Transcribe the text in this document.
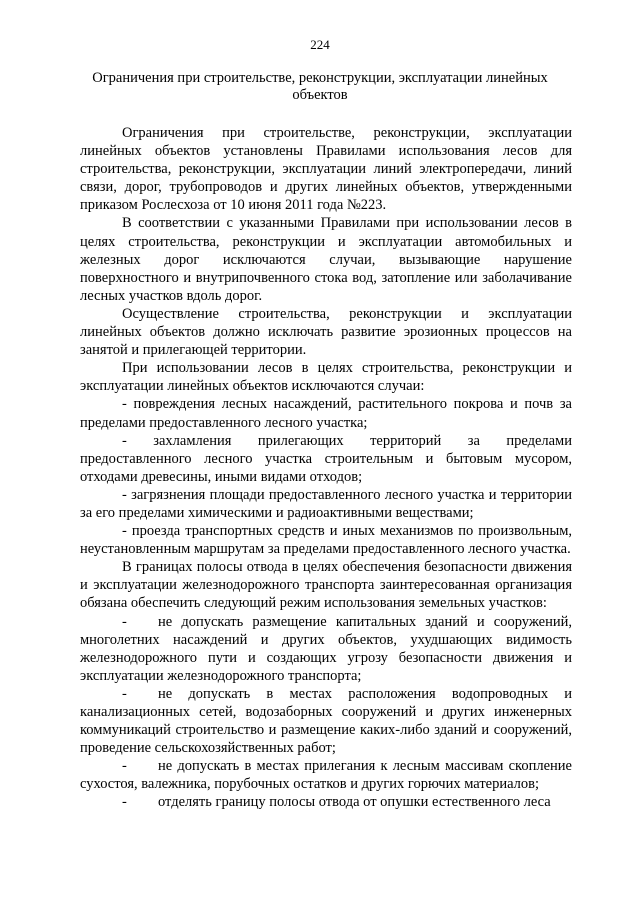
224
Ограничения при строительстве, реконструкции, эксплуатации линейных объектов

Ограничения при строительстве, реконструкции, эксплуатации линейных объектов установлены Правилами использования лесов для строительства, реконструкции, эксплуатации линий электропередачи, линий связи, дорог, трубопроводов и других линейных объектов, утвержденными приказом Рослесхоза от 10 июня 2011 года №223.

В соответствии с указанными Правилами при использовании лесов в целях строительства, реконструкции и эксплуатации автомобильных и железных дорог исключаются случаи, вызывающие нарушение поверхностного и внутрипочвенного стока вод, затопление или заболачивание лесных участков вдоль дорог.

Осуществление строительства, реконструкции и эксплуатации линейных объектов должно исключать развитие эрозионных процессов на занятой и прилегающей территории.

При использовании лесов в целях строительства, реконструкции и эксплуатации линейных объектов исключаются случаи:

- повреждения лесных насаждений, растительного покрова и почв за пределами предоставленного лесного участка;

- захламления прилегающих территорий за пределами предоставленного лесного участка строительным и бытовым мусором, отходами древесины, иными видами отходов;

- загрязнения площади предоставленного лесного участка и территории за его пределами химическими и радиоактивными веществами;

- проезда транспортных средств и иных механизмов по произвольным, неустановленным маршрутам за пределами предоставленного лесного участка.

В границах полосы отвода в целях обеспечения безопасности движения и эксплуатации железнодорожного транспорта заинтересованная организация обязана обеспечить следующий режим использования земельных участков:

- не допускать размещение капитальных зданий и сооружений, многолетних насаждений и других объектов, ухудшающих видимость железнодорожного пути и создающих угрозу безопасности движения и эксплуатации железнодорожного транспорта;

- не допускать в местах расположения водопроводных и канализационных сетей, водозаборных сооружений и других инженерных коммуникаций строительство и размещение каких-либо зданий и сооружений, проведение сельскохозяйственных работ;

- не допускать в местах прилегания к лесным массивам скопление сухостоя, валежника, порубочных остатков и других горючих материалов;

- отделять границу полосы отвода от опушки естественного леса
